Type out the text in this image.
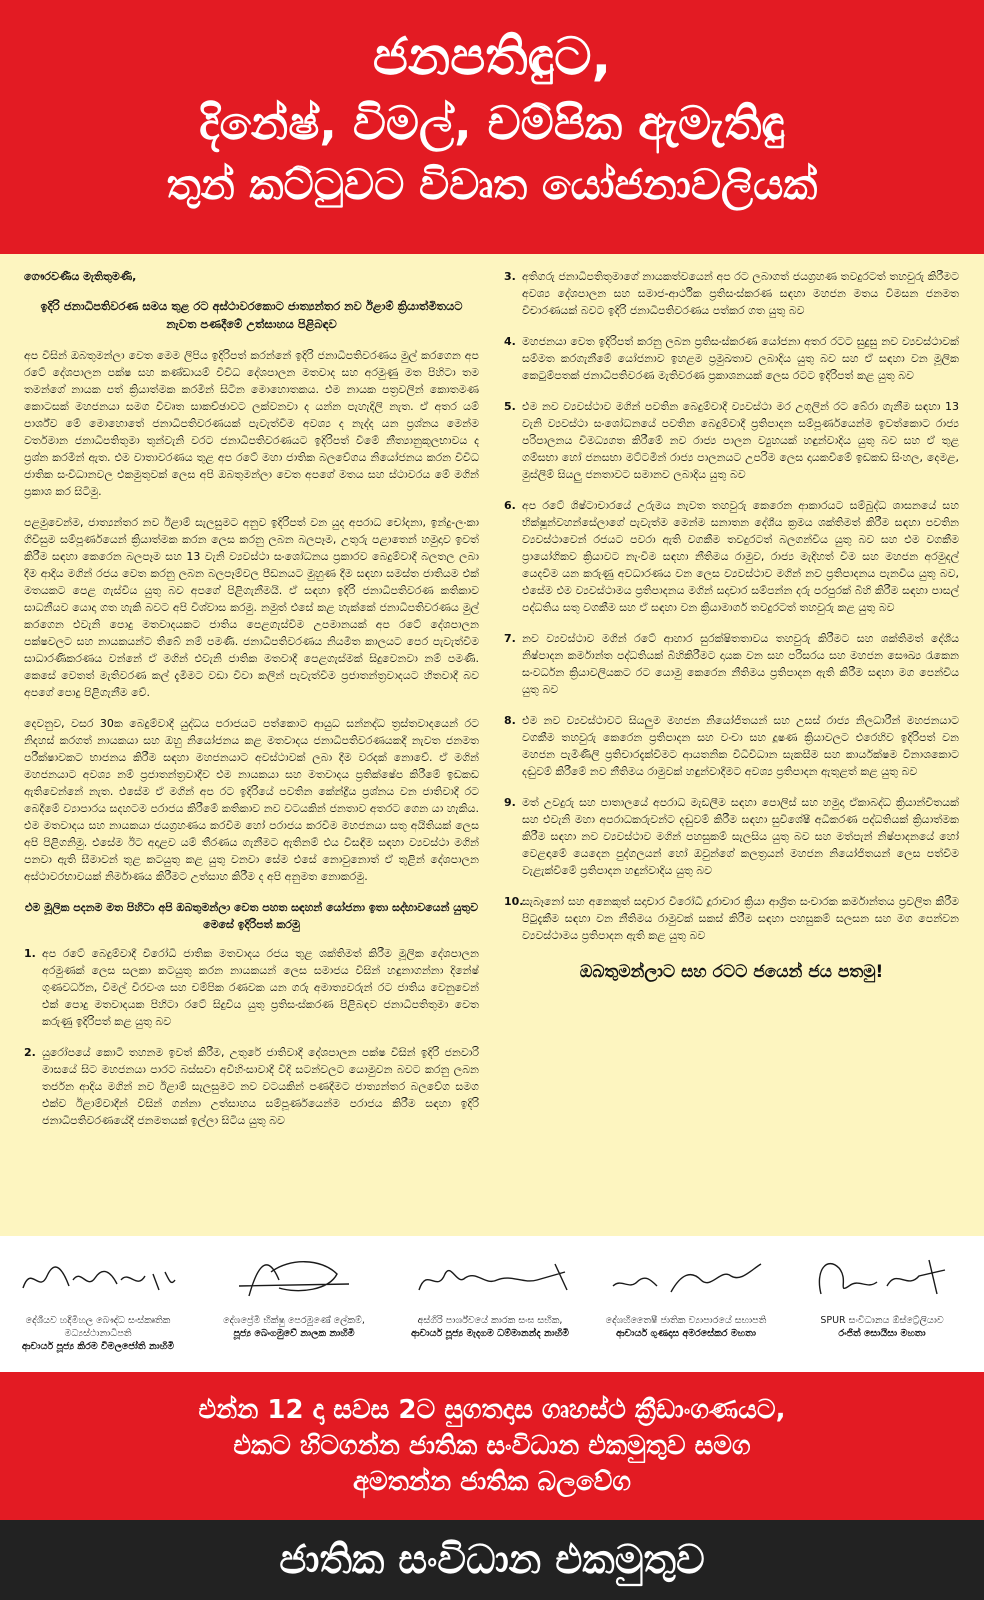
ජනපතිඳුට,
දිනේෂ්, විමල්, චම්පික ඇමැතිඳු
තුන් කට්ටුවට විවෘත යෝජනාවලියක්
ගෞරවණීය මැතිතුමණි,
ඉදිරි ජනාධිපතිවරණ සමය තුළ රට අස්ථාවරකොට ජාත්‍යන්තර නව ඊළාම් ක්‍රියාත්මිතයට නැවත පණදීමේ උත්සාහය පිළිබඳව
අප විසින් ඔබතුමන්ලා වෙත මෙම ලිපිය ඉදිරිපත් කරන්නේ ඉදිරි ජනාධිපතිවරණය මුල් කරගෙන අප රටේ දේශපාලන පක්ෂ සහ කණ්ඩායම් විවිධ දේශපාලන මතවාද සහ අරමුණු මත පිහිටා තම තමන්ගේ නායක පත් ක්‍රියාත්මක කරමින් සිටින මොහොතකය. එම නායක පත්‍රවලින් කොතමණ කොටසක් මහජනයා සමග විවෘත සාකච්ඡාවට ලක්වනවා ද යන්න පැහැදිලි නැත. ඒ අතර යම් පාර්ශ්ව මේ මොහොතේ ජනාධිපතිවරණයක් පැවැත්වීම අවශ්‍ය ද නැද්ද යන ප්‍රශ්නය මෙන්ම වර්තමාන ජනාධිපතිතුමා තුන්වැනි වරට ජනාධිපතිවරණයට ඉදිරිපත් වීමේ නීත්‍යානුකූලභාවය ද ප්‍රශ්න කරමින් ඇත. එම වාතාවරණය තුළ අප රටේ මහා ජාතික බලවේගය නියෝජනය කරන විවිධ ජාතික සංවිධානවල එකමුතුවක් ලෙස අපි ඔබතුමන්ලා වෙත අපගේ මතය සහ ස්ථාවරය මේ මගින් ප්‍රකාශ කර සිටිමු.
පළමුවෙන්ම, ජාත්‍යන්තර නව ඊළාම් සැලසුමට අනුව ඉදිරිපත් වන යුද අපරාධ චෝදනා, ඉන්දු-ලංකා ගිවිසුම සම්පූර්ණයෙන් ක්‍රියාත්මක කරන ලෙස කරනු ලබන බලපෑම, උතුරු පළාතෙන් හමුදාව ඉවත් කිරීම සඳහා කෙරෙන බලපෑම සහ 13 වැනි ව්‍යවස්ථා සංශෝධනය ප්‍රකාරව බෙදුම්වාදී බලතල ලබා දීම ආදිය මගින් රජය වෙත කරනු ලබන බලපෑම්වල පීඩනයට මුහුණ දීම සඳහා සමස්ත ජාතියම එක් මතයකට පෙළ ගැස්විය යුතු බව අපගේ පිළිගැනීමයි. ඒ සඳහා ඉදිරි ජනාධිපතිවරණ කතිකාව සාධනීයව යොදා ගත හැකි බවට අපි විශ්වාස කරමු. නමුත් එසේ කළ හැක්කේ ජනාධිපතිවරණය මුල් කරගෙන එවැනි පොදු මතවාදයකට ජාතිය පෙළගැස්වීම උපමානයක් අප රටේ දේශපාලන පක්ෂවලට සහ නායකයන්ට තිබේ නම් පමණි. ජනාධිපතිවරණය නියමිත කාලයට පෙර පැවැත්වීම සාධාරණිකරණය වන්නේ ඒ මගින් එවැනි ජාතික මතවාදී පෙළගැස්මක් සිදුවෙනවා නම් පමණි. කෙසේ වෙතත් මැතිවරණ කල් දැමීමට වඩා වීවා කලින් පැවැත්වීම ප්‍රජාතන්ත්‍රවාදයට හිතවාදී බව අපගේ පොදු පිළිගැනීම වේ.
දෙවනුව, වසර 30ක බෙදුම්වාදී යුද්ධය පරාජයට පත්කොට ආයුධ සන්නද්ධ ත්‍රස්තවාදයෙන් රට නිදහස් කරගත් නායකයා සහ ඔහු නියෝජනය කළ මතවාදය ජනාධිපතිවරණයකදී නැවත ජනමත පරීක්ෂාවකට භාජනය කිරීම සඳහා මහජනයාට අවස්ථාවක් ලබා දීම වරදක් නොවේ. ඒ මගින් මහජනයාට අවශ්‍ය නම් ප්‍රජාතන්ත්‍රවාදීව එම නායකයා සහ මතවාදය ප්‍රතික්ෂේප කිරීමේ ඉඩකඩ ඇතිවෙන්නේ නැත. එසේම ඒ මගින් අප රට ඉදිරියේ පවතින කේන්ද්‍රීය ප්‍රශ්නය වන ජාතිවාදී රට බෙදීමේ ව්‍යාපාරය සදහටම පරාජය කිරීමේ කතිකාව නව වටයකින් ජනතාව අතරට ගෙන යා හැකිය. එම මතවාදය සහ නායකයා ජයග්‍රහණය කරවීම හෝ පරාජය කරවීම මහජනයා සතු අයිතියක් ලෙස අපි පිළිගනිමු. එසේම ඊට අදාළව යම් තීරණය ගැනීමට ඇතිනම් එය විසඳීම සඳහා ව්‍යවස්ථා මගින් පනවා ඇති සීමාවන් තුළ කටයුතු කළ යුතු වනවා සේම එසේ නොවුනොත් ඒ තුළින් දේශපාලන අස්ථාවරභාවයක් නිර්මාණය කිරීමට උත්සාහ කිරීම ද අපි අනුමත නොකරමු.
එම මූලික පදනම මත පිහිටා අපි ඔබතුමන්ලා වෙත පහත සඳහන් යෝජනා ඉතා සද්භාවයෙන් යුතුව මෙසේ ඉදිරිපත් කරමු
1. අප රටේ බෙදුම්වාදී විරෝධී ජාතික මතවාදය රජය තුළ ශක්තිමත් කිරීම මූලික දේශපාලන අරමුණක් ලෙස සලකා කටයුතු කරන නායකයන් ලෙස සමාජය විසින් හඳුනාගන්නා දිනේෂ් ගුණවර්ධන, විමල් වීරවංශ සහ චම්පික රණවක යන ගරු අමාත්‍යවරුන් රට ජාතිය වෙනුවෙන් එක් පොදු මතවාදයක පිහිටා රටේ සිදුවිය යුතු ප්‍රතිසංස්කරණ පිළිබඳව ජනාධිපතිතුමා වෙත කරුණු ඉදිරිපත් කළ යුතු බව
2. යුරෝපයේ කොටි තහනම ඉවත් කිරීම, උතුරේ ජාතිවාදී දේශපාලන පක්ෂ විසින් ඉදිරි ජනවාරි මාසයේ සිට මහජනයා පාරට බස්සවා අවිහිංසාවාදී විදි සටන්වලට යොමුවන බවට කරනු ලබන තර්ජන ආදිය මගින් නව ඊළාම් සැලසුමට නව වටයකින් පණදීමට ජාත්‍යන්තර බලවේග සමග එක්ව ඊළාම්වාදීන් විසින් ගන්නා උත්සාහය සම්පූර්ණයෙන්ම පරාජය කිරීම සඳහා ඉදිරි ජනාධිපතිවරණයේදී ජනමතයක් ඉල්ලා සිටිය යුතු බව
3. අතිගරු ජනාධිපතිතුමාගේ නායකත්වයෙන් අප රට ලබාගත් ජයග්‍රහණ තවදුරටත් තහවුරු කිරීමට අවශ්‍ය දේශපාලන සහ සමාජ-ආර්ථික ප්‍රතිසංස්කරණ සඳහා මහජන මතය විමසන ජනමත විචාරණයක් බවට ඉදිරි ජනාධිපතිවරණය පත්කර ගත යුතු බව
4. මහජනයා වෙත ඉදිරිපත් කරනු ලබන ප්‍රතිසංස්කරණ යෝජනා අතර රටට සුදුසු නව ව්‍යවස්ථාවක් සම්මත කරගැනීමේ යෝජනාව ඉහළම ප්‍රමුඛතාව ලබාදිය යුතු බව සහ ඒ සඳහා වන මූලික කෙටුම්පතක් ජනාධිපතිවරණ මැතිවරණ ප්‍රකාශනයක් ලෙස රටට ඉදිරිපත් කළ යුතු බව
5. එම නව ව්‍යවස්ථාව මගින් පවතින බෙදුම්වාදී ව්‍යවස්ථා මර උගුලින් රට බේරා ගැනීම සඳහා 13 වැනි ව්‍යවස්ථා සංශෝධනයේ පවතින බෙදුම්වාදී ප්‍රතිපාදන සම්පූර්ණයෙන්ම ඉවත්කොට රාජ්‍ය පරිපාලනය විමධ්‍යගත කිරීමේ නව රාජ්‍ය පාලන ව්‍යුහයක් හඳුන්වාදිය යුතු බව සහ ඒ තුළ ගම්සභා හෝ ජනසභා මට්ටමින් රාජ්‍ය පාලනයට උපරිම ලෙස දායකවීමේ ඉඩකඩ සිංහල, දෙමළ, මුස්ලිම් සියලු ජනතාවට සමානව ලබාදිය යුතු බව
6. අප රටේ ශිෂ්ටාචාරයේ උරුමය නැවත තහවුරු කෙරෙන ආකාරයට සම්බුද්ධ ශාසනයේ සහ භික්ෂූන්වහන්සේලාගේ පැවැත්ම මෙන්ම සනාතන දේශීය ක්‍රමය ශක්තිමත් කිරීම සඳහා පවතින ව්‍යවස්ථාවෙන් රජයට පවරා ඇති වගකීම තවදුරටත් බලගන්වීය යුතු බව සහ එම වගකීම ප්‍රායෝගිකව ක්‍රියාවට නැංවීම සඳහා නීතිමය රාමුව, රාජ්‍ය මැදිහත් වීම සහ මහජන අරමුදල් යෙදවීම යන කරුණු අවධාරණය වන ලෙස ව්‍යවස්ථාව මගින් නව ප්‍රතිපාදනය පැනවිය යුතු බව, එසේම එම ව්‍යවස්ථාමය ප්‍රතිපාදනය මගින් සදාචාර සම්පන්න දරු පරපුරක් බිහි කිරීම සඳහා පාසල් පද්ධතිය සතු වගකීම සහ ඒ සඳහා වන ක්‍රියාමාර්ග තවදුරටත් තහවුරු කළ යුතු බව
7. නව ව්‍යවස්ථාව මගින් රටේ ආහාර සුරක්ෂිතතාවය තහවුරු කිරීමට සහ ශක්තිමත් දේශීය නිෂ්පාදන කර්මාන්ත පද්ධතියක් බිහිකිරීමට දායක වන සහ පරිසරය සහ මහජන සෞඛ්‍ය රැකෙන සංවර්ධන ක්‍රියාවලියකට රට යොමු කෙරෙන නීතිමය ප්‍රතිපාදන ඇති කිරීම සඳහා මග පෙන්විය යුතු බව
8. එම නව ව්‍යවස්ථාවට සියලුම මහජන නියෝජිතයන් සහ උසස් රාජ්‍ය නිලධාරීන් මහජනයාට වගකීම තහවුරු කෙරෙන ප්‍රතිපාදන සහ වංචා සහ දූෂණ ක්‍රියාවලට එරෙහිව ඉදිරිපත් වන මහජන පැමිණිලි ප්‍රතිචාරදැක්වීමට ආයතනික විධිවිධාන සැකසීම සහ කාර්යක්ෂම විනාශකොට දඬුවම් කිරීමේ නව නීතිමය රාමුවක් හඳුන්වාදීමට අවශ්‍ය ප්‍රතිපාදන ඇතුළත් කළ යුතු බව
9. මත් උවදුරු සහ පාතාලයේ අපරාධ මැඩලීම සඳහා පොලිස් සහ හමුදා ඒකාබද්ධ ක්‍රියාන්විතයක් සහ එවැනි මහා අපරාධකරුවන්ට දඬුවම් කිරීම සඳහා සුවිශේෂී අධිකරණ පද්ධතියක් ක්‍රියාත්මක කිරීම සඳහා නව ව්‍යවස්ථාව මගින් පහසුකම් සැලසිය යුතු බව සහ මත්පැන් නිෂ්පාදනයේ හෝ වෙළඳාමේ යෙදෙන පුද්ගලයන් හෝ ඔවුන්ගේ කලත්‍රයන් මහජන නියෝජිතයන් ලෙස පත්වීම වැළැක්වීමේ ප්‍රතිපාදන හඳුන්වාදිය යුතු බව
10.
සැබෑනෝ සහ අනෙකුත් සදාචාර විරෝධී දූරාචාර ක්‍රියා ආශ්‍රිත සංචාරක කර්මාන්තය ප්‍රවලිත කිරීම පිටුදැකීම සඳහා වන නීතිමය රාමුවක් සකස් කිරීම සඳහා පහසුකම් සලසන සහ මග පෙන්වන ව්‍යවස්ථාමය ප්‍රතිපාදන ඇති කළ යුතු බව
ඔබතුමන්ලාට සහ රටට ජයෙන් ජය පතමු!
දේශීයව හදිමිහල බෞද්ධ සංස්කෘතික මධ්‍යස්ථානාධිපති
ආචාර්ය පූජ්‍ය කිරම විමලජෝති නාහිමි
දේශප්‍රේමී භික්ෂු පෙරමුණේ ලේකම්,
පූජ්‍ය බෙංගමුවේ නාලක නාහිමි
අස්ගිරි පාර්ශ්වයේ කාරක සංඝ සභික,
ආචාර්ය පූජ්‍ය මැදගම ධම්මානන්ද නාහිමි
දේශහිතෛෂී ජාතික ව්‍යාපාරයේ සභාපති
ආචාර්ය ගුණදාස අමරසේකර මහතා
SPUR සංවිධානය ඕස්ට්‍රේලියාව
රංජිත් සොයිසා මහතා
එන්න 12 දා සවස 2ට සුගතදාස ගෘහස්ථ ක්‍රීඩාංගණයට,
එකට හිටගන්න ජාතික සංවිධාන එකමුතුව සමග
අමතන්න ජාතික බලවේග
ජාතික සංවිධාන එකමුතුව
